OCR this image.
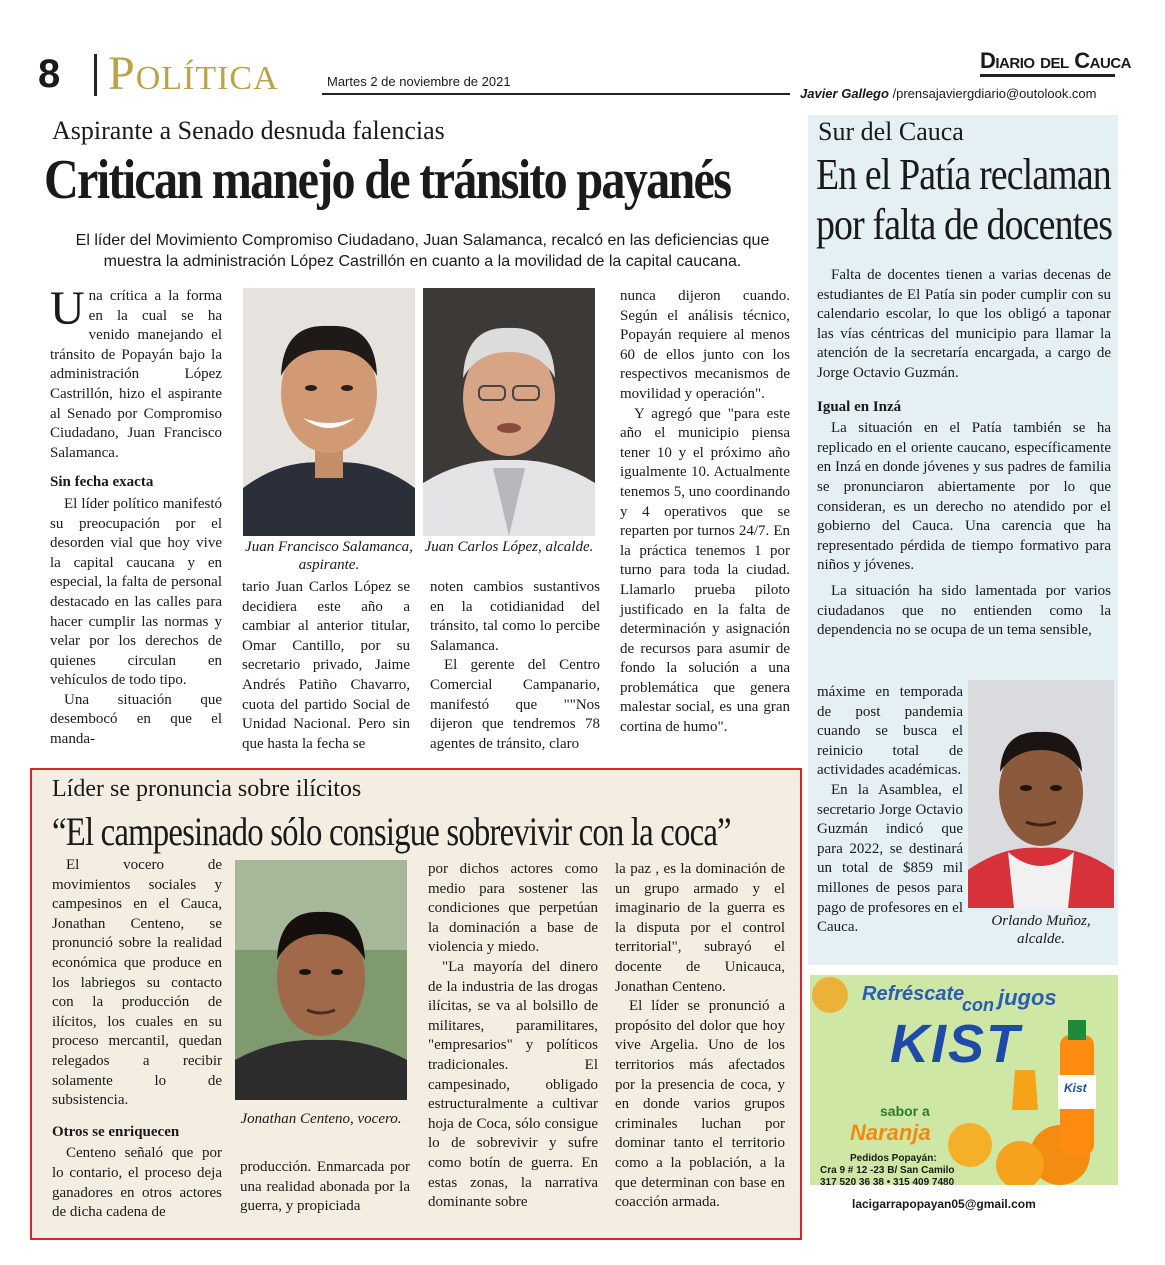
8 Política	Martes 2 de noviembre de 2021
Diario del Cauca
Javier Gallego /prensajaviergdiario@outolook.com
Aspirante a Senado desnuda falencias
Critican manejo de tránsito payanés
El líder del Movimiento Compromiso Ciudadano, Juan Salamanca, recalcó en las deficiencias que muestra la administración López Castrillón en cuanto a la movilidad de la capital caucana.
U na crítica a la forma en la cual se ha venido manejando el tránsito de Popayán bajo la administración López Castrillón, hizo el aspirante al Senado por Compromiso Ciudadano, Juan Francisco Salamanca.

Sin fecha exacta

El líder político manifestó su preocupación por el desorden vial que hoy vive la capital caucana y en especial, la falta de personal destacado en las calles para hacer cumplir las normas y velar por los derechos de quienes circulan en vehículos de todo tipo.

Una situación que desembocó en que el manda-

Juan Francisco Salamanca, aspirante.
Juan Carlos López, alcalde.

tario Juan Carlos López se decidiera este año a cambiar al anterior titular, Omar Cantillo, por su secretario privado, Jaime Andrés Patiño Chavarro, cuota del partido Social de Unidad Nacional. Pero sin que hasta la fecha se

noten cambios sustantivos en la cotidianidad del tránsito, tal como lo percibe Salamanca.

El gerente del Centro Comercial Campanario, manifestó que ""Nos dijeron que tendremos 78 agentes de tránsito, claro

nunca dijeron cuando. Según el análisis técnico, Popayán requiere al menos 60 de ellos junto con los respectivos mecanismos de movilidad y operación".

Y agregó que "para este año el municipio piensa tener 10 y el próximo año igualmente 10. Actualmente tenemos 5, uno coordinando y 4 operativos que se reparten por turnos 24/7. En la práctica tenemos 1 por turno para toda la ciudad. Llamarlo prueba piloto justificado en la falta de determinación y asignación de recursos para asumir de fondo la solución a una problemática que genera malestar social, es una gran cortina de humo".

Sur del Cauca
En el Patía reclaman
por falta de docentes

Falta de docentes tienen a varias decenas de estudiantes de El Patía sin poder cumplir con su calendario escolar, lo que los obligó a taponar las vías céntricas del municipio para llamar la atención de la secretaría encargada, a cargo de Jorge Octavio Guzmán.

Igual en Inzá

La situación en el Patía también se ha replicado en el oriente caucano, específicamente en Inzá en donde jóvenes y sus padres de familia se pronunciaron abiertamente por lo que consideran, es un derecho no atendido por el gobierno del Cauca. Una carencia que ha representado pérdida de tiempo formativo para niños y jóvenes.

La situación ha sido lamentada por varios ciudadanos que no entienden como la dependencia no se ocupa de un tema sensible,

máxime en temporada de post pandemia cuando se busca el reinicio total de actividades académicas.

En la Asamblea, el secretario Jorge Octavio Guzmán indicó que para 2022, se destinará un total de $859 mil millones de pesos para pago de profesores en el Cauca.	Orlando Muñoz, alcalde.
Líder se pronuncia sobre ilícitos
“El campesinado sólo consigue sobrevivir con la coca”

El vocero de movimientos sociales y campesinos en el Cauca, Jonathan Centeno, se pronunció sobre la realidad económica que produce en los labriegos su contacto con la producción de ilícitos, los cuales en su proceso mercantil, quedan relegados a recibir solamente lo de subsistencia.

Otros se enriquecen

Centeno señaló que por lo contario, el proceso deja ganadores en otros actores de dicha cadena de

Jonathan Centeno, vocero.

producción. Enmarcada por una realidad abonada por la guerra, y propiciada

por dichos actores como medio para sostener las condiciones que perpetúan la dominación a base de violencia y miedo.

"La mayoría del dinero de la industria de las drogas ilícitas, se va al bolsillo de militares, paramilitares, "empresarios" y políticos tradicionales. El campesinado, obligado estructuralmente a cultivar hoja de Coca, sólo consigue lo de sobrevivir y sufre como botín de guerra. En estas zonas, la narrativa dominante sobre

la paz , es la dominación de un grupo armado y el imaginario de la guerra es la disputa por el control territorial", subrayó el docente de Unicauca, Jonathan Centeno.

El líder se pronunció a propósito del dolor que hoy vive Argelia. Uno de los territorios más afectados por la presencia de coca, y en donde varios grupos criminales luchan por dominar tanto el territorio como a la población, a la que determinan con base en coacción armada.

Refréscate
con jugos
KIST
sabor a
Naranja
Pedidos Popayán:
Cra 9 # 12 -23 B/ San Camilo
317 520 36 38 • 315 409 7480
Kist
lacigarrapopayan05@gmail.com
